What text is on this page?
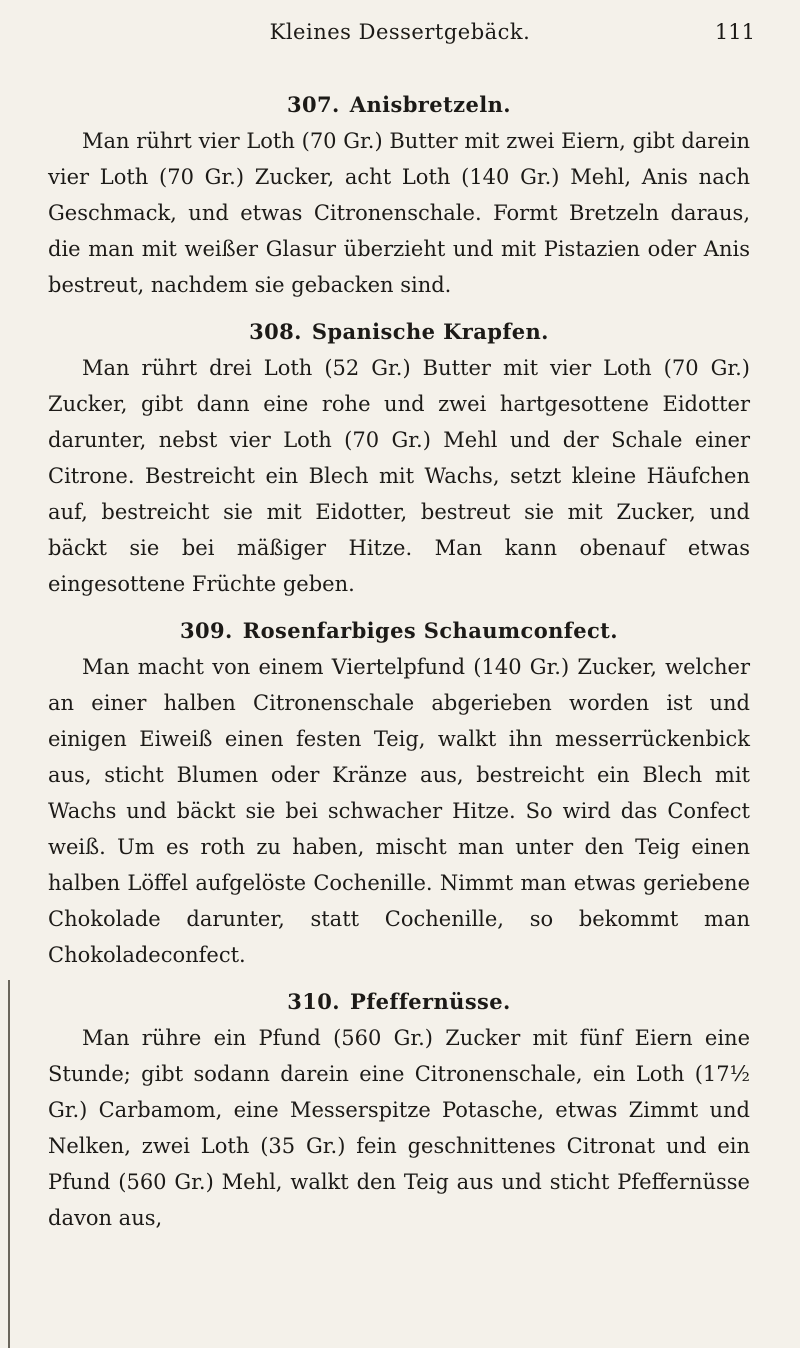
Kleines Dessertgebäck.	111
307. Anisbretzeln.

Man rührt vier Loth (70 Gr.) Butter mit zwei Eiern, gibt darein vier Loth (70 Gr.) Zucker, acht Loth (140 Gr.) Mehl, Anis nach Geschmack, und etwas Citronenschale. Formt Bretzeln daraus, die man mit weißer Glasur überzieht und mit Pistazien oder Anis bestreut, nachdem sie gebacken sind.

308. Spanische Krapfen.

Man rührt drei Loth (52 Gr.) Butter mit vier Loth (70 Gr.) Zucker, gibt dann eine rohe und zwei hartgesottene Eidotter darunter, nebst vier Loth (70 Gr.) Mehl und der Schale einer Citrone. Bestreicht ein Blech mit Wachs, setzt kleine Häufchen auf, bestreicht sie mit Eidotter, bestreut sie mit Zucker, und bäckt sie bei mäßiger Hitze. Man kann obenauf etwas eingesottene Früchte geben.

309. Rosenfarbiges Schaumconfect.

Man macht von einem Viertelpfund (140 Gr.) Zucker, welcher an einer halben Citronenschale abgerieben worden ist und einigen Eiweiß einen festen Teig, walkt ihn messerrückenbick aus, sticht Blumen oder Kränze aus, bestreicht ein Blech mit Wachs und bäckt sie bei schwacher Hitze. So wird das Confect weiß. Um es roth zu haben, mischt man unter den Teig einen halben Löffel aufgelöste Cochenille. Nimmt man etwas geriebene Chokolade darunter, statt Cochenille, so bekommt man Chokoladeconfect.

310. Pfeffernüsse.

Man rühre ein Pfund (560 Gr.) Zucker mit fünf Eiern eine Stunde; gibt sodann darein eine Citronenschale, ein Loth (17½ Gr.) Carbamom, eine Messerspitze Potasche, etwas Zimmt und Nelken, zwei Loth (35 Gr.) fein geschnittenes Citronat und ein Pfund (560 Gr.) Mehl, walkt den Teig aus und sticht Pfeffernüsse davon aus,
